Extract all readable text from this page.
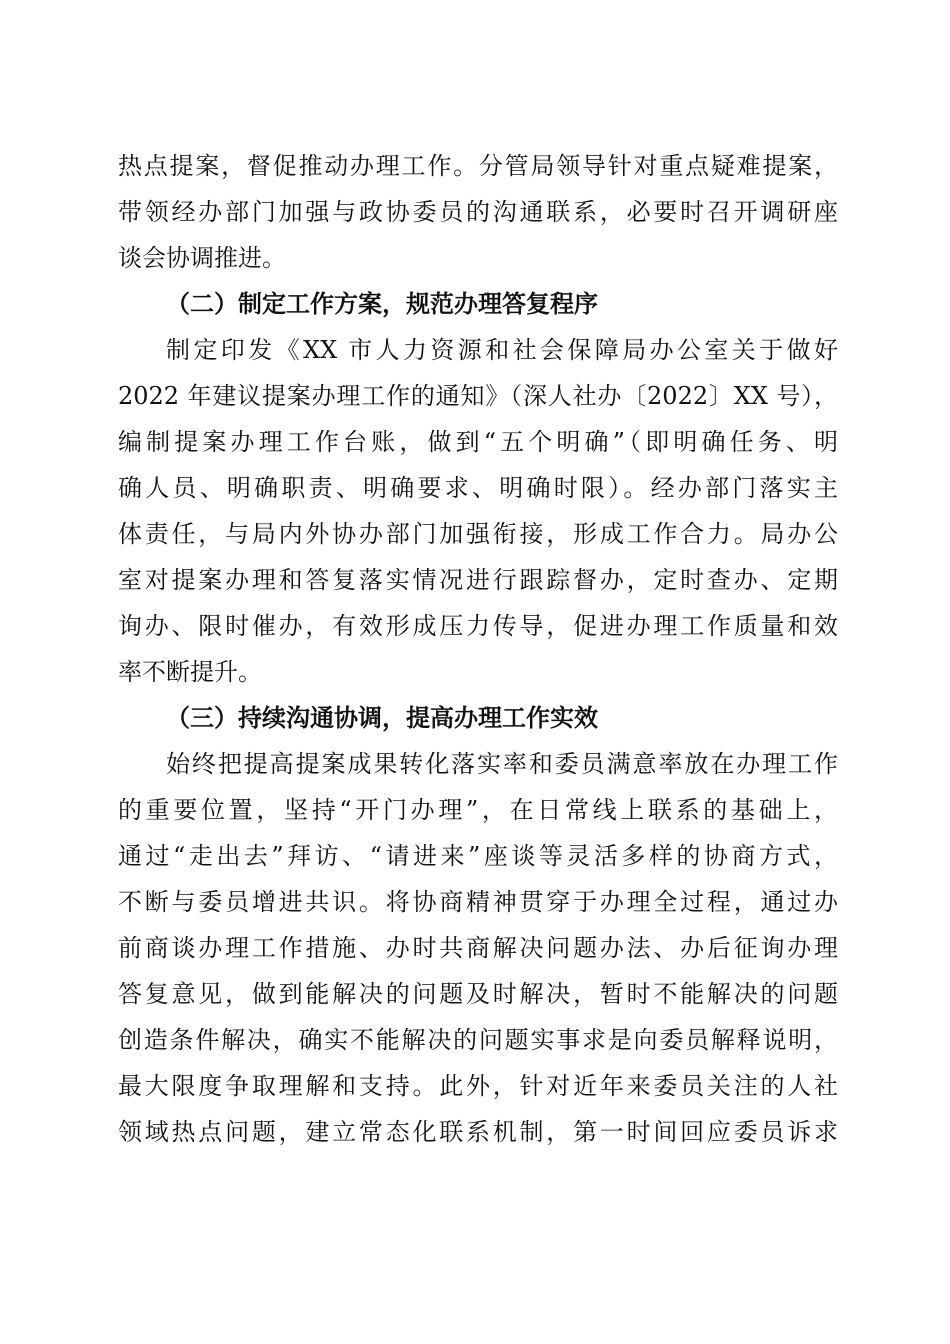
热点提案，督促推动办理工作。分管局领导针对重点疑难提案，
带领经办部门加强与政协委员的沟通联系，必要时召开调研座
谈会协调推进。
（二）制定工作方案，规范办理答复程序
制定印发《XX 市人力资源和社会保障局办公室关于做好
2022 年建议提案办理工作的通知》（深人社办〔2022〕XX 号），
编制提案办理工作台账，做到“五个明确”（即明确任务、明
确人员、明确职责、明确要求、明确时限）。经办部门落实主
体责任，与局内外协办部门加强衔接，形成工作合力。局办公
室对提案办理和答复落实情况进行跟踪督办，定时查办、定期
询办、限时催办，有效形成压力传导，促进办理工作质量和效
率不断提升。
（三）持续沟通协调，提高办理工作实效
始终把提高提案成果转化落实率和委员满意率放在办理工作
的重要位置，坚持“开门办理”，在日常线上联系的基础上，
通过“走出去”拜访、“请进来”座谈等灵活多样的协商方式，
不断与委员增进共识。将协商精神贯穿于办理全过程，通过办
前商谈办理工作措施、办时共商解决问题办法、办后征询办理
答复意见，做到能解决的问题及时解决，暂时不能解决的问题
创造条件解决，确实不能解决的问题实事求是向委员解释说明，
最大限度争取理解和支持。此外，针对近年来委员关注的人社
领域热点问题，建立常态化联系机制，第一时间回应委员诉求
